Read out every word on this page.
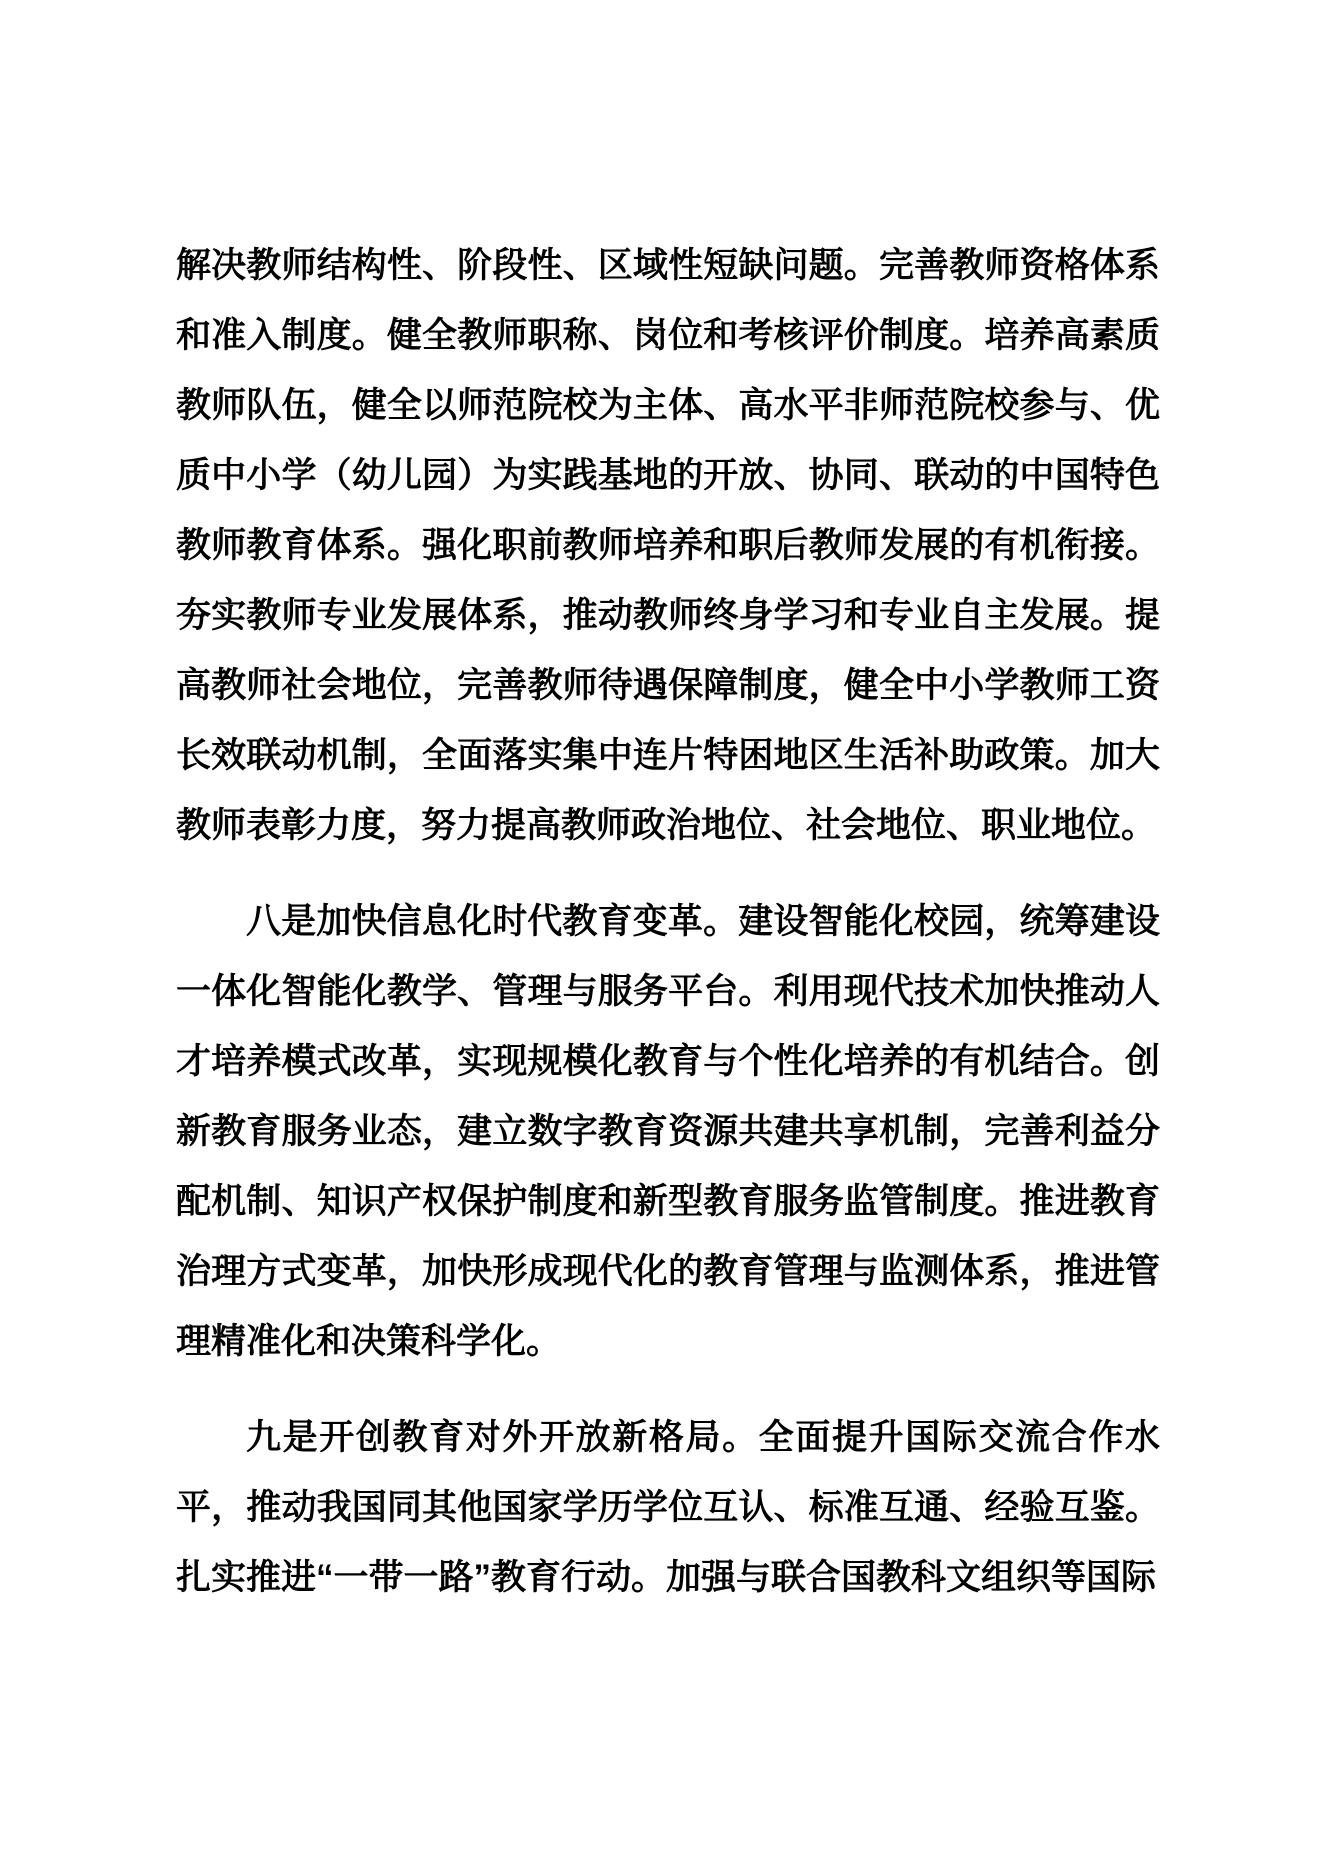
解决教师结构性、阶段性、区域性短缺问题。完善教师资格体系和准入制度。健全教师职称、岗位和考核评价制度。培养高素质教师队伍，健全以师范院校为主体、高水平非师范院校参与、优质中小学（幼儿园）为实践基地的开放、协同、联动的中国特色教师教育体系。强化职前教师培养和职后教师发展的有机衔接。夯实教师专业发展体系，推动教师终身学习和专业自主发展。提高教师社会地位，完善教师待遇保障制度，健全中小学教师工资长效联动机制，全面落实集中连片特困地区生活补助政策。加大教师表彰力度，努力提高教师政治地位、社会地位、职业地位。

八是加快信息化时代教育变革。建设智能化校园，统筹建设一体化智能化教学、管理与服务平台。利用现代技术加快推动人才培养模式改革，实现规模化教育与个性化培养的有机结合。创新教育服务业态，建立数字教育资源共建共享机制，完善利益分配机制、知识产权保护制度和新型教育服务监管制度。推进教育治理方式变革，加快形成现代化的教育管理与监测体系，推进管理精准化和决策科学化。

九是开创教育对外开放新格局。全面提升国际交流合作水平，推动我国同其他国家学历学位互认、标准互通、经验互鉴。扎实推进“一带一路”教育行动。加强与联合国教科文组织等国际
